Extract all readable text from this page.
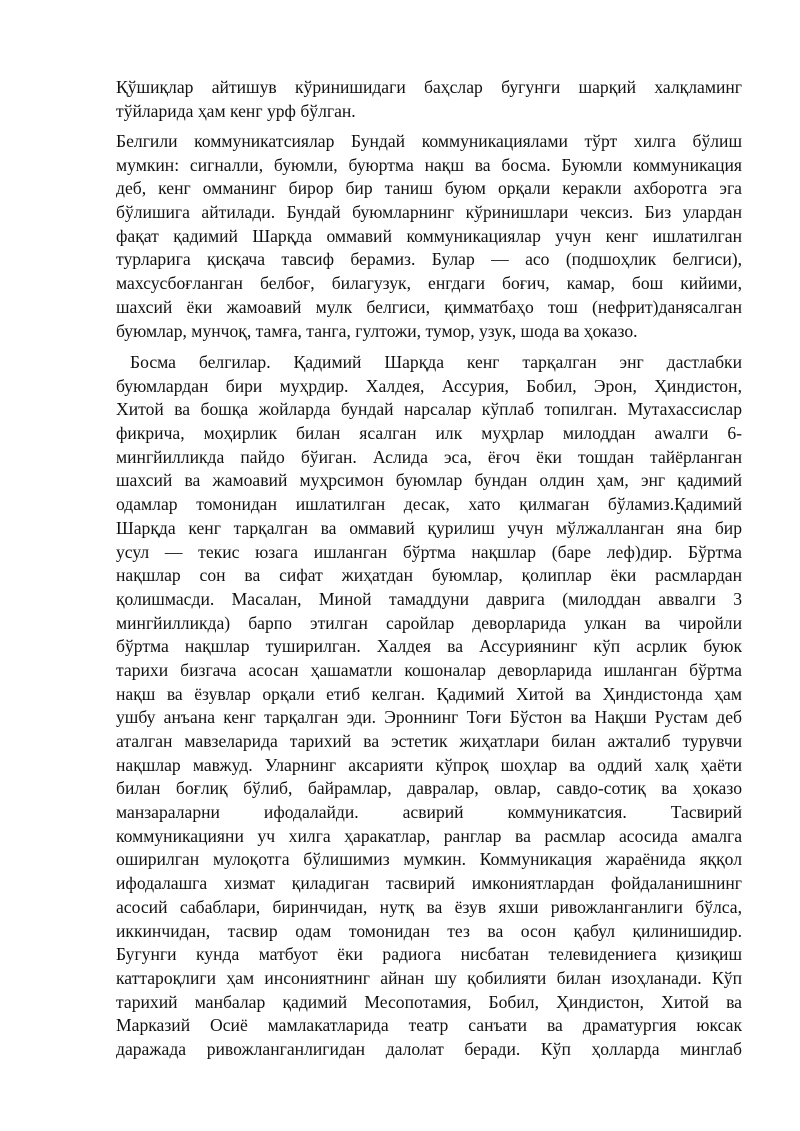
Қўшиқлар айтишув кўринишидаги баҳслар бугунги шарқий халқламинг
тўйларида ҳам кенг урф бўлган.
Белгили коммуникатсиялар Бундай коммуникациялами тўрт хилга бўлиш
мумкин: сигналли, буюмли, буюртма нақш ва босма. Буюмли коммуникация
деб, кенг омманинг бирор бир таниш буюм орқали керакли ахборотга эга
бўлишига айтилади. Бундай буюмларнинг кўринишлари чексиз. Биз улардан
фақат қадимий Шарқда оммавий коммуникациялар учун кенг ишлатилган
турларига қисқача тавсиф берамиз. Булар — асо (подшоҳлик белгиси),
махсусбоғланган белбоғ, билагузук, енгдаги боғич, камар, бош кийими,
шахсий ёки жамоавий мулк белгиси, қимматбаҳо тош (нефрит)данясалган
буюмлар, мунчоқ, тамға, танга, гултожи, тумор, узук, шода ва ҳоказо.
Босма белгилар. Қадимий Шарқда кенг тарқалган энг дастлабки
буюмлардан бири муҳрдир. Халдея, Ассурия, Бобил, Эрон, Ҳиндистон,
Хитой ва бошқа жойларда бундай нарсалар кўплаб топилган. Мутахассислар
фикрича, моҳирлик билан ясалган илк муҳрлар милоддан аwалги 6-
мингйилликда пайдо бўиган. Аслида эса, ёғоч ёки тошдан тайёрланган
шахсий ва жамоавий муҳрсимон буюмлар бундан олдин ҳам, энг қадимий
одамлар томонидан ишлатилган десак, хато қилмаган бўламиз.Қадимий
Шарқда кенг тарқалган ва оммавий қурилиш учун мўлжалланган яна бир
усул — текис юзага ишланган бўртма нақшлар (баре леф)дир. Бўртма
нақшлар сон ва сифат жиҳатдан буюмлар, қолиплар ёки расмлардан
қолишмасди. Масалан, Миной тамаддуни даврига (милоддан аввалги 3
мингйилликда) барпо этилган саройлар деворларида улкан ва чиройли
бўртма нақшлар туширилган. Халдея ва Ассуриянинг кўп асрлик буюк
тарихи бизгача асосан ҳашаматли кошоналар деворларида ишланган бўртма
нақш ва ёзувлар орқали етиб келган. Қадимий Хитой ва Ҳиндистонда ҳам
ушбу анъана кенг тарқалган эди. Эроннинг Тоғи Бўстон ва Нақши Рустам деб
аталган мавзеларида тарихий ва эстетик жиҳатлари билан ажталиб турувчи
нақшлар мавжуд. Уларнинг аксарияти кўпроқ шоҳлар ва оддий халқ ҳаёти
билан боғлиқ бўлиб, байрамлар, давралар, овлар, савдо-сотиқ ва ҳоказо
манзараларни ифодалайди. асвирий коммуникатсия. Тасвирий
коммуникацияни уч хилга ҳаракатлар, ранглар ва расмлар асосида амалга
оширилган мулоқотга бўлишимиз мумкин. Коммуникация жараёнида яққол
ифодалашга хизмат қиладиган тасвирий имкониятлардан фойдаланишнинг
асосий сабаблари, биринчидан, нутқ ва ёзув яхши ривожланганлиги бўлса,
иккинчидан, тасвир одам томонидан тез ва осон қабул қилинишидир.
Бугунги кунда матбуот ёки радиога нисбатан телевидениега қизиқиш
каттароқлиги ҳам инсониятнинг айнан шу қобилияти билан изоҳланади. Кўп
тарихий манбалар қадимий Месопотамия, Бобил, Ҳиндистон, Хитой ва
Марказий Осиё мамлакатларида театр санъати ва драматургия юксак
даражада ривожланганлигидан далолат беради. Кўп ҳолларда минглаб
